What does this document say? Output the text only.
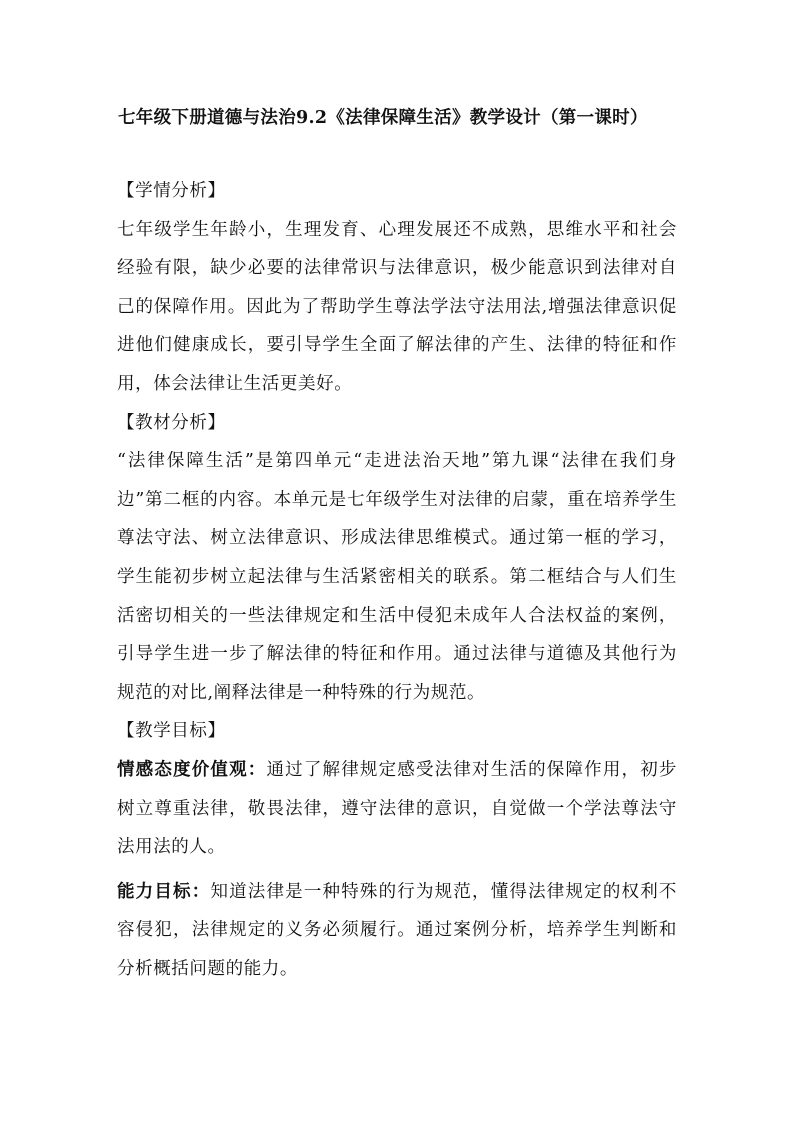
七年级下册道德与法治9.2《法律保障生活》教学设计（第一课时）

【学情分析】

七年级学生年龄小，生理发育、心理发展还不成熟，思维水平和社会经验有限，缺少必要的法律常识与法律意识，极少能意识到法律对自己的保障作用。因此为了帮助学生尊法学法守法用法,增强法律意识促进他们健康成长，要引导学生全面了解法律的产生、法律的特征和作用，体会法律让生活更美好。

【教材分析】

“法律保障生活”是第四单元“走进法治天地”第九课“法律在我们身边”第二框的内容。本单元是七年级学生对法律的启蒙，重在培养学生尊法守法、树立法律意识、形成法律思维模式。通过第一框的学习，学生能初步树立起法律与生活紧密相关的联系。第二框结合与人们生活密切相关的一些法律规定和生活中侵犯未成年人合法权益的案例，引导学生进一步了解法律的特征和作用。通过法律与道德及其他行为规范的对比,阐释法律是一种特殊的行为规范。

【教学目标】

情感态度价值观：通过了解律规定感受法律对生活的保障作用，初步树立尊重法律，敬畏法律，遵守法律的意识，自觉做一个学法尊法守法用法的人。

能力目标：知道法律是一种特殊的行为规范，懂得法律规定的权利不容侵犯，法律规定的义务必须履行。通过案例分析，培养学生判断和分析概括问题的能力。
